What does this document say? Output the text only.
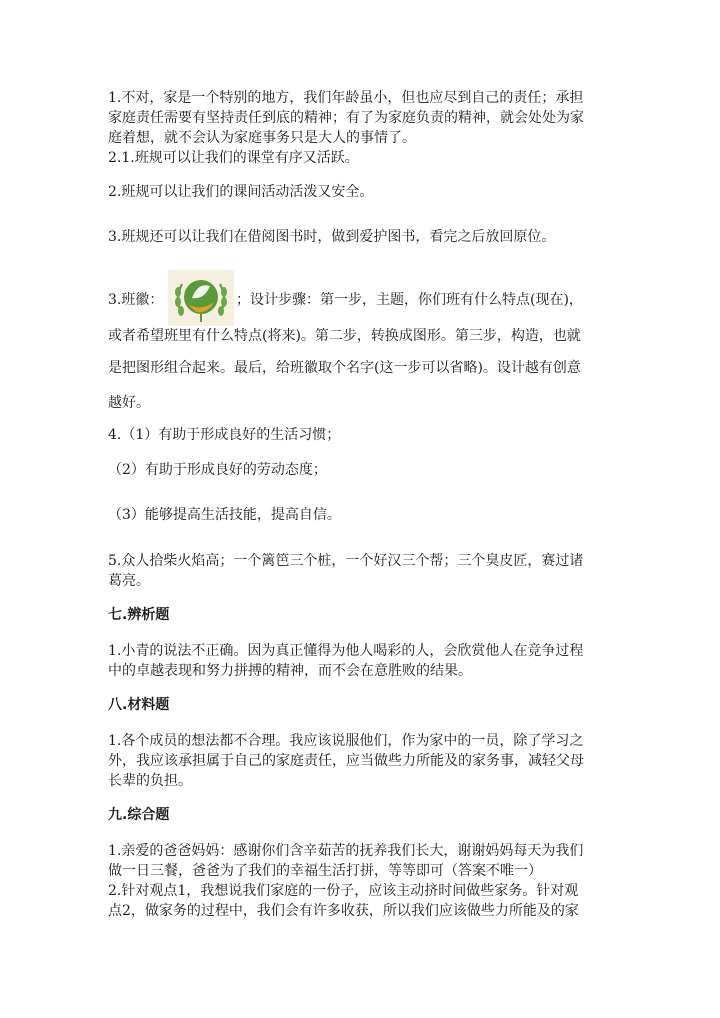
1.不对，家是一个特别的地方，我们年龄虽小，但也应尽到自己的责任；承担
家庭责任需要有坚持责任到底的精神；有了为家庭负责的精神，就会处处为家
庭着想，就不会认为家庭事务只是大人的事情了。
2.1.班规可以让我们的课堂有序又活跃。
2.班规可以让我们的课间活动活泼又安全。
3.班规还可以让我们在借阅图书时，做到爱护图书，看完之后放回原位。
3.班徽：	；设计步骤：第一步，主题，你们班有什么特点(现在)，
或者希望班里有什么特点(将来)。第二步，转换成图形。第三步，构造，也就
是把图形组合起来。最后，给班徽取个名字(这一步可以省略)。设计越有创意
越好。
4.（1）有助于形成良好的生活习惯；
（2）有助于形成良好的劳动态度；
（3）能够提高生活技能，提高自信。
5.众人拾柴火焰高；一个篱笆三个桩，一个好汉三个帮；三个臭皮匠，赛过诸
葛亮。
七.辨析题
1.小青的说法不正确。因为真正懂得为他人喝彩的人，会欣赏他人在竞争过程
中的卓越表现和努力拼搏的精神，而不会在意胜败的结果。
八.材料题
1.各个成员的想法都不合理。我应该说服他们，作为家中的一员，除了学习之
外，我应该承担属于自己的家庭责任，应当做些力所能及的家务事，减轻父母
长辈的负担。
九.综合题
1.亲爱的爸爸妈妈：感谢你们含辛茹苦的抚养我们长大，谢谢妈妈每天为我们
做一日三餐，爸爸为了我们的幸福生活打拼，等等即可（答案不唯一）
2.针对观点1，我想说我们家庭的一份子，应该主动挤时间做些家务。针对观
点2，做家务的过程中，我们会有许多收获，所以我们应该做些力所能及的家
